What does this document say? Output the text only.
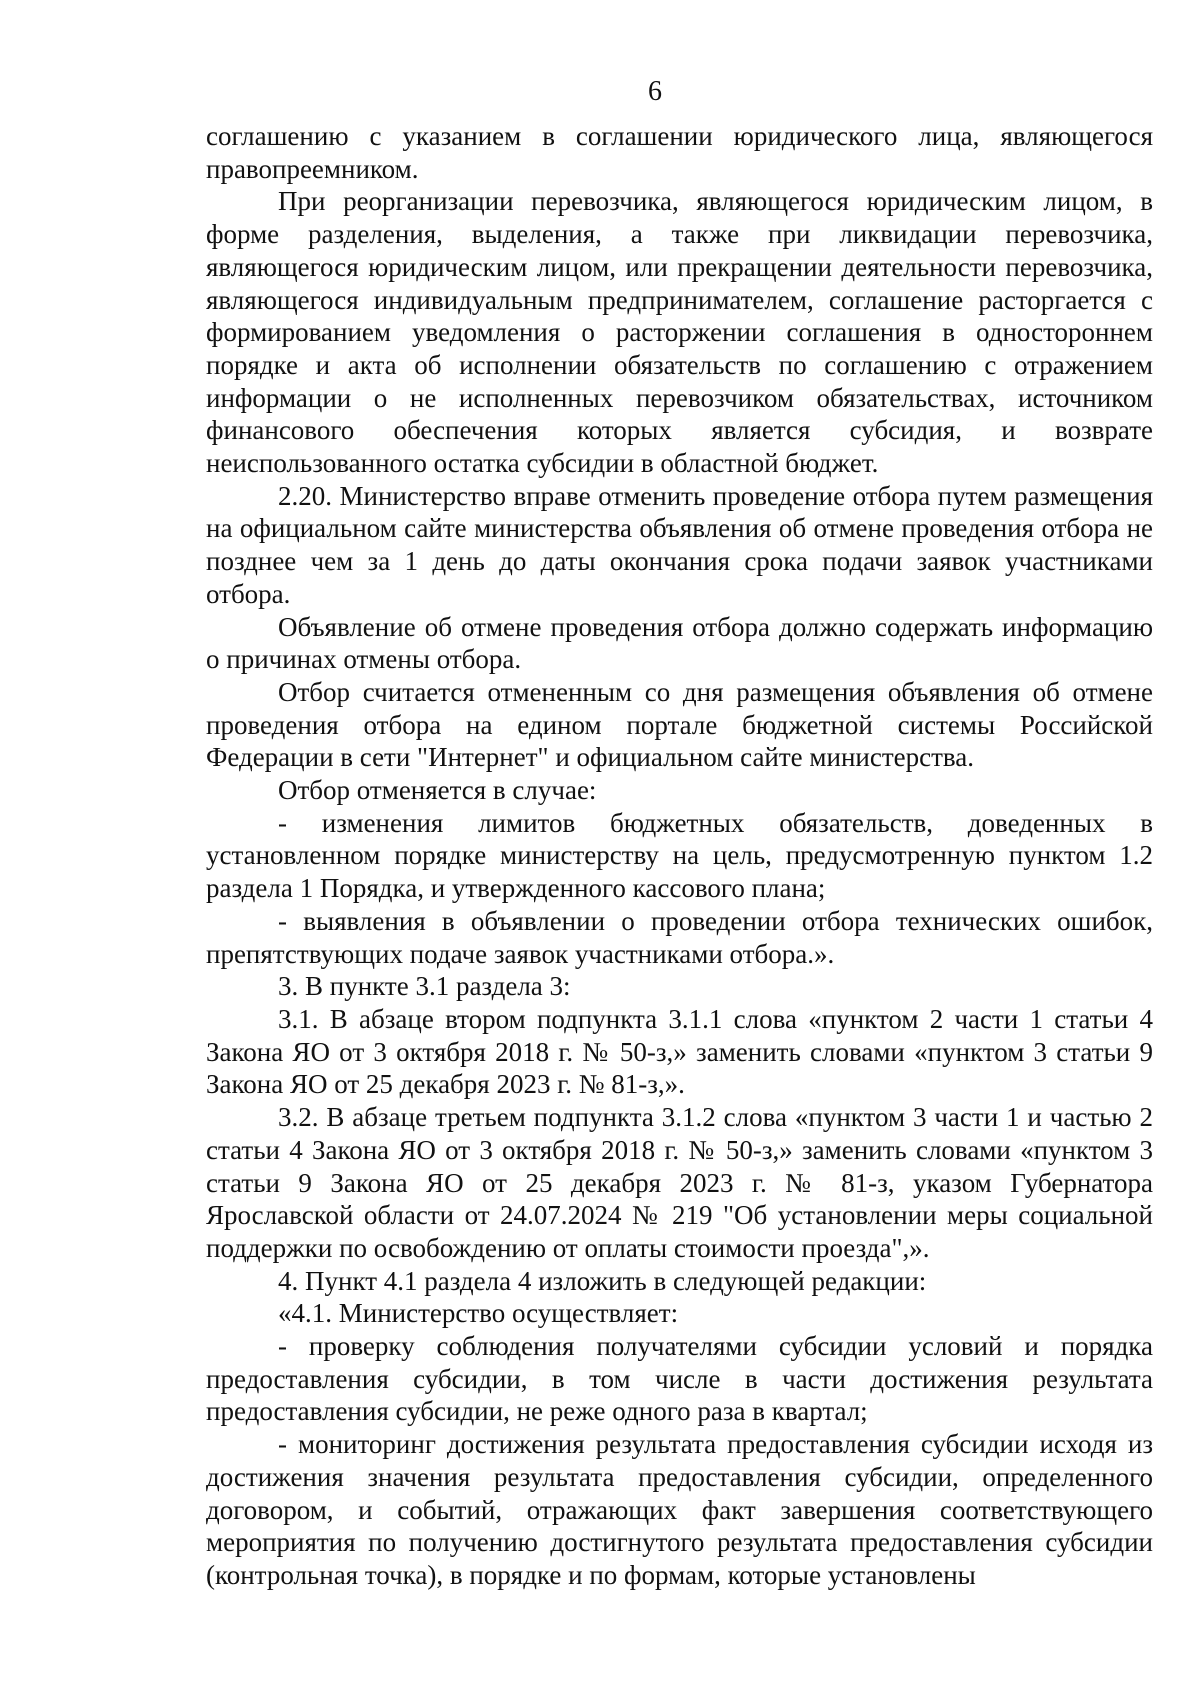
6

соглашению с указанием в соглашении юридического лица, являющегося правопреемником.

При реорганизации перевозчика, являющегося юридическим лицом, в форме разделения, выделения, а также при ликвидации перевозчика, являющегося юридическим лицом, или прекращении деятельности перевозчика, являющегося индивидуальным предпринимателем, соглашение расторгается с формированием уведомления о расторжении соглашения в одностороннем порядке и акта об исполнении обязательств по соглашению с отражением информации о не исполненных перевозчиком обязательствах, источником финансового обеспечения которых является субсидия, и возврате неиспользованного остатка субсидии в областной бюджет.

2.20. Министерство вправе отменить проведение отбора путем размещения на официальном сайте министерства объявления об отмене проведения отбора не позднее чем за 1 день до даты окончания срока подачи заявок участниками отбора.

Объявление об отмене проведения отбора должно содержать информацию о причинах отмены отбора.

Отбор считается отмененным со дня размещения объявления об отмене проведения отбора на едином портале бюджетной системы Российской Федерации в сети "Интернет" и официальном сайте министерства.

Отбор отменяется в случае:

- изменения лимитов бюджетных обязательств, доведенных в установленном порядке министерству на цель, предусмотренную пунктом 1.2 раздела 1 Порядка, и утвержденного кассового плана;

- выявления в объявлении о проведении отбора технических ошибок, препятствующих подаче заявок участниками отбора.».

3. В пункте 3.1 раздела 3:

3.1. В абзаце втором подпункта 3.1.1 слова «пунктом 2 части 1 статьи 4 Закона ЯО от 3 октября 2018 г. № 50-з,» заменить словами «пунктом 3 статьи 9 Закона ЯО от 25 декабря 2023 г. № 81-з,».

3.2. В абзаце третьем подпункта 3.1.2 слова «пунктом 3 части 1 и частью 2 статьи 4 Закона ЯО от 3 октября 2018 г. № 50-з,» заменить словами «пунктом 3 статьи 9 Закона ЯО от 25 декабря 2023 г. № 81-з, указом Губернатора Ярославской области от 24.07.2024 № 219 "Об установлении меры социальной поддержки по освобождению от оплаты стоимости проезда",».

4. Пункт 4.1 раздела 4 изложить в следующей редакции:

«4.1. Министерство осуществляет:

- проверку соблюдения получателями субсидии условий и порядка предоставления субсидии, в том числе в части достижения результата предоставления субсидии, не реже одного раза в квартал;

- мониторинг достижения результата предоставления субсидии исходя из достижения значения результата предоставления субсидии, определенного договором, и событий, отражающих факт завершения соответствующего мероприятия по получению достигнутого результата предоставления субсидии (контрольная точка), в порядке и по формам, которые установлены
